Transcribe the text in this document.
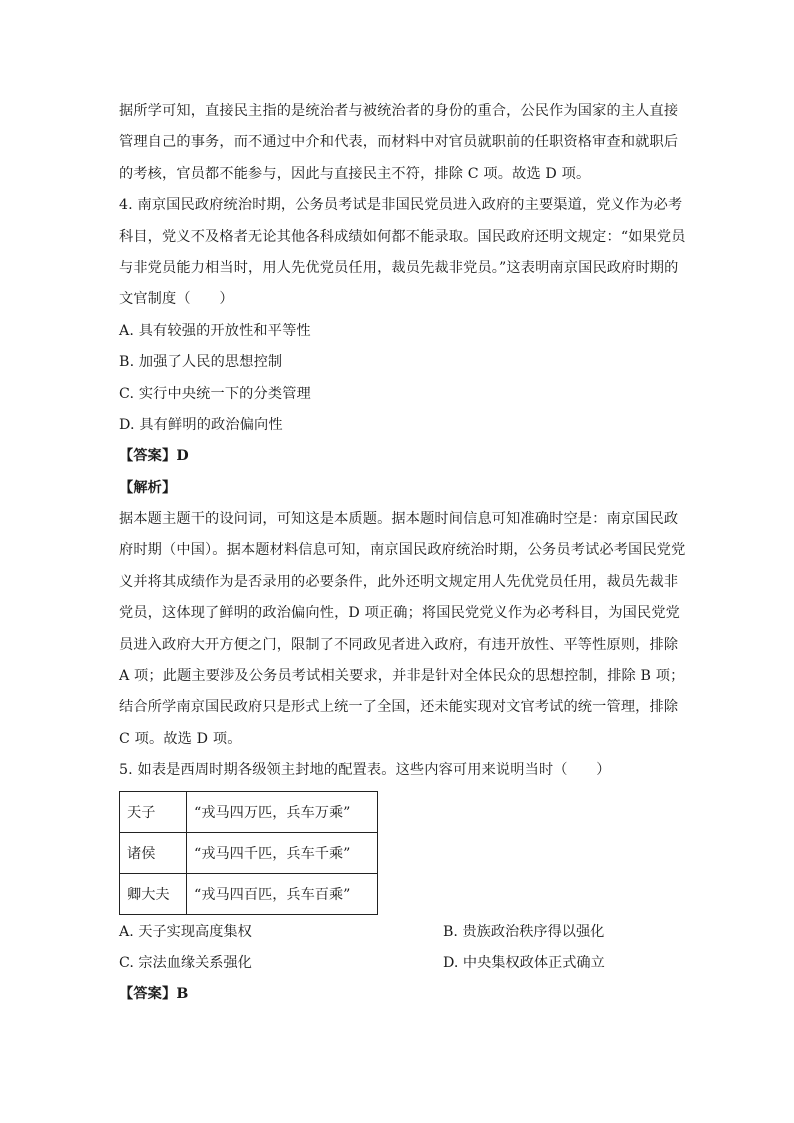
据所学可知，直接民主指的是统治者与被统治者的身份的重合，公民作为国家的主人直接
管理自己的事务，而不通过中介和代表，而材料中对官员就职前的任职资格审查和就职后
的考核，官员都不能参与，因此与直接民主不符，排除 C 项。故选 D 项。
4. 南京国民政府统治时期，公务员考试是非国民党员进入政府的主要渠道，党义作为必考
科目，党义不及格者无论其他各科成绩如何都不能录取。国民政府还明文规定：“如果党员
与非党员能力相当时，用人先优党员任用，裁员先裁非党员。”这表明南京国民政府时期的
文官制度（　　）
A. 具有较强的开放性和平等性
B. 加强了人民的思想控制
C. 实行中央统一下的分类管理
D. 具有鲜明的政治偏向性
【答案】D
【解析】
据本题主题干的设问词，可知这是本质题。据本题时间信息可知准确时空是：南京国民政
府时期（中国）。据本题材料信息可知，南京国民政府统治时期，公务员考试必考国民党党
义并将其成绩作为是否录用的必要条件，此外还明文规定用人先优党员任用，裁员先裁非
党员，这体现了鲜明的政治偏向性，D 项正确；将国民党党义作为必考科目，为国民党党
员进入政府大开方便之门，限制了不同政见者进入政府，有违开放性、平等性原则，排除
A 项；此题主要涉及公务员考试相关要求，并非是针对全体民众的思想控制，排除 B 项；
结合所学南京国民政府只是形式上统一了全国，还未能实现对文官考试的统一管理，排除
C 项。故选 D 项。
5. 如表是西周时期各级领主封地的配置表。这些内容可用来说明当时（　　）
天子	“戎马四万匹，兵车万乘”
诸侯	“戎马四千匹，兵车千乘”
卿大夫	“戎马四百匹，兵车百乘”
A. 天子实现高度集权	B. 贵族政治秩序得以强化
C. 宗法血缘关系强化	D. 中央集权政体正式确立
【答案】B
